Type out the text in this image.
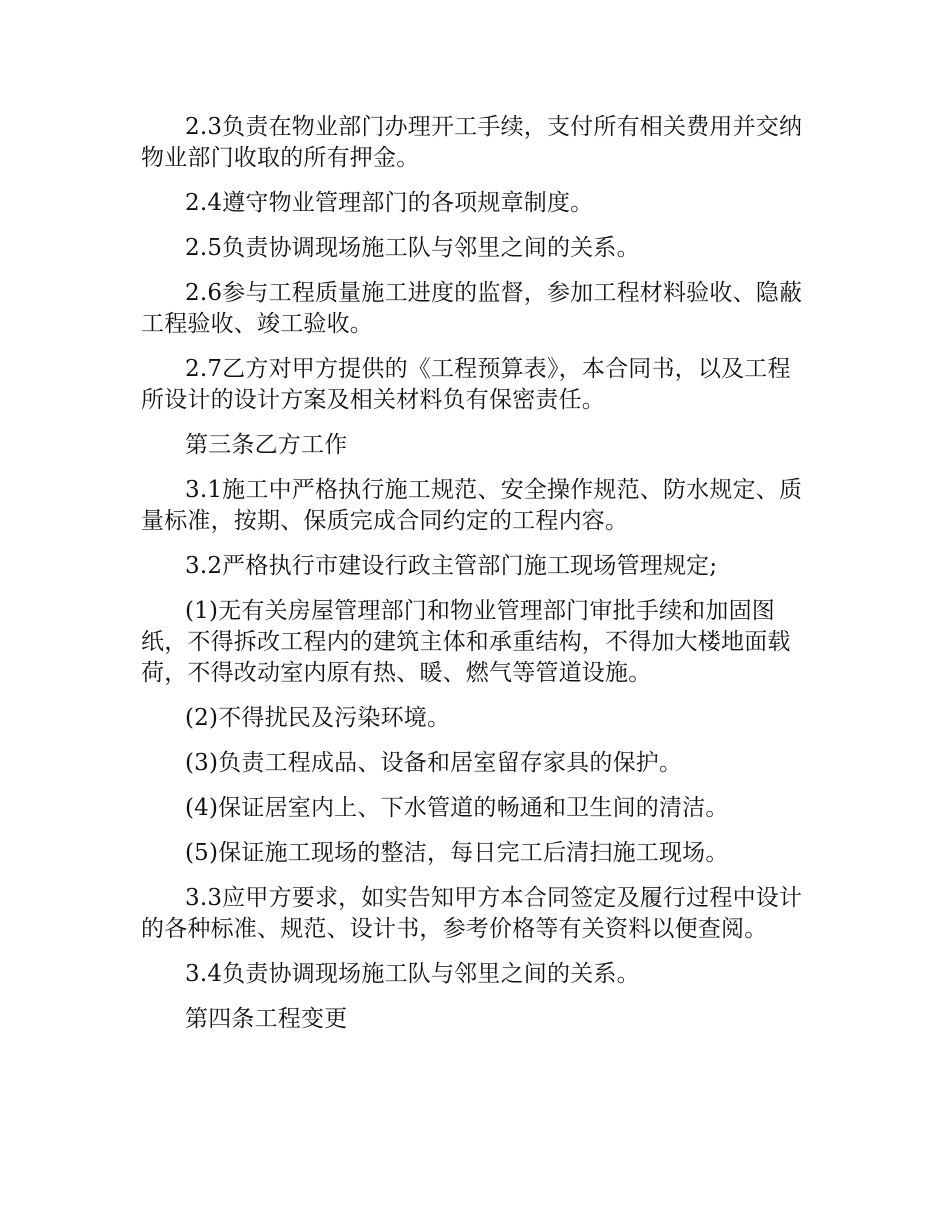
2.3负责在物业部门办理开工手续，支付所有相关费用并交纳物业部门收取的所有押金。

2.4遵守物业管理部门的各项规章制度。

2.5负责协调现场施工队与邻里之间的关系。

2.6参与工程质量施工进度的监督，参加工程材料验收、隐蔽工程验收、竣工验收。

2.7乙方对甲方提供的《工程预算表》，本合同书，以及工程所设计的设计方案及相关材料负有保密责任。

第三条乙方工作

3.1施工中严格执行施工规范、安全操作规范、防水规定、质量标准，按期、保质完成合同约定的工程内容。

3.2严格执行市建设行政主管部门施工现场管理规定;

(1)无有关房屋管理部门和物业管理部门审批手续和加固图纸，不得拆改工程内的建筑主体和承重结构，不得加大楼地面载荷，不得改动室内原有热、暖、燃气等管道设施。

(2)不得扰民及污染环境。

(3)负责工程成品、设备和居室留存家具的保护。

(4)保证居室内上、下水管道的畅通和卫生间的清洁。

(5)保证施工现场的整洁，每日完工后清扫施工现场。

3.3应甲方要求，如实告知甲方本合同签定及履行过程中设计的各种标准、规范、设计书，参考价格等有关资料以便查阅。

3.4负责协调现场施工队与邻里之间的关系。

第四条工程变更
